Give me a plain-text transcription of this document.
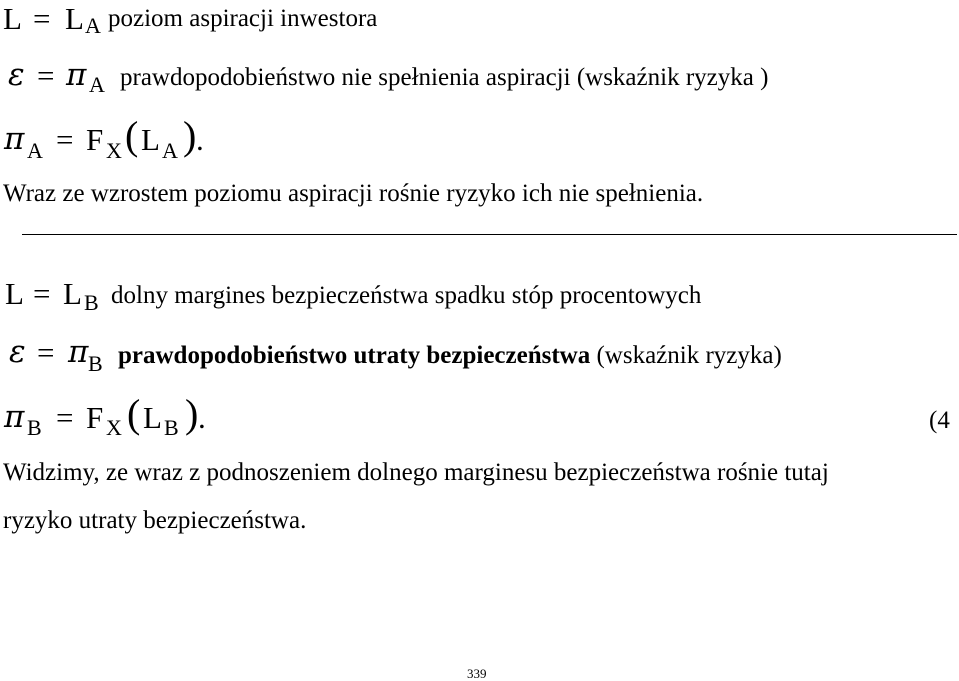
L = L A poziom aspiracji inwestora
ε = π A prawdopodobieństwo nie spełnienia aspiracji (wskaźnik ryzyka )
π A = F X ( L A ) .
Wraz ze wzrostem poziomu aspiracji rośnie ryzyko ich nie spełnienia.
L = L B dolny margines bezpieczeństwa spadku stóp procentowych
ε = π B prawdopodobieństwo utraty bezpieczeństwa (wskaźnik ryzyka)
π B = F X ( L B ) .	(4
Widzimy, ze wraz z podnoszeniem dolnego marginesu bezpieczeństwa rośnie tutaj
ryzyko utraty bezpieczeństwa.
339
